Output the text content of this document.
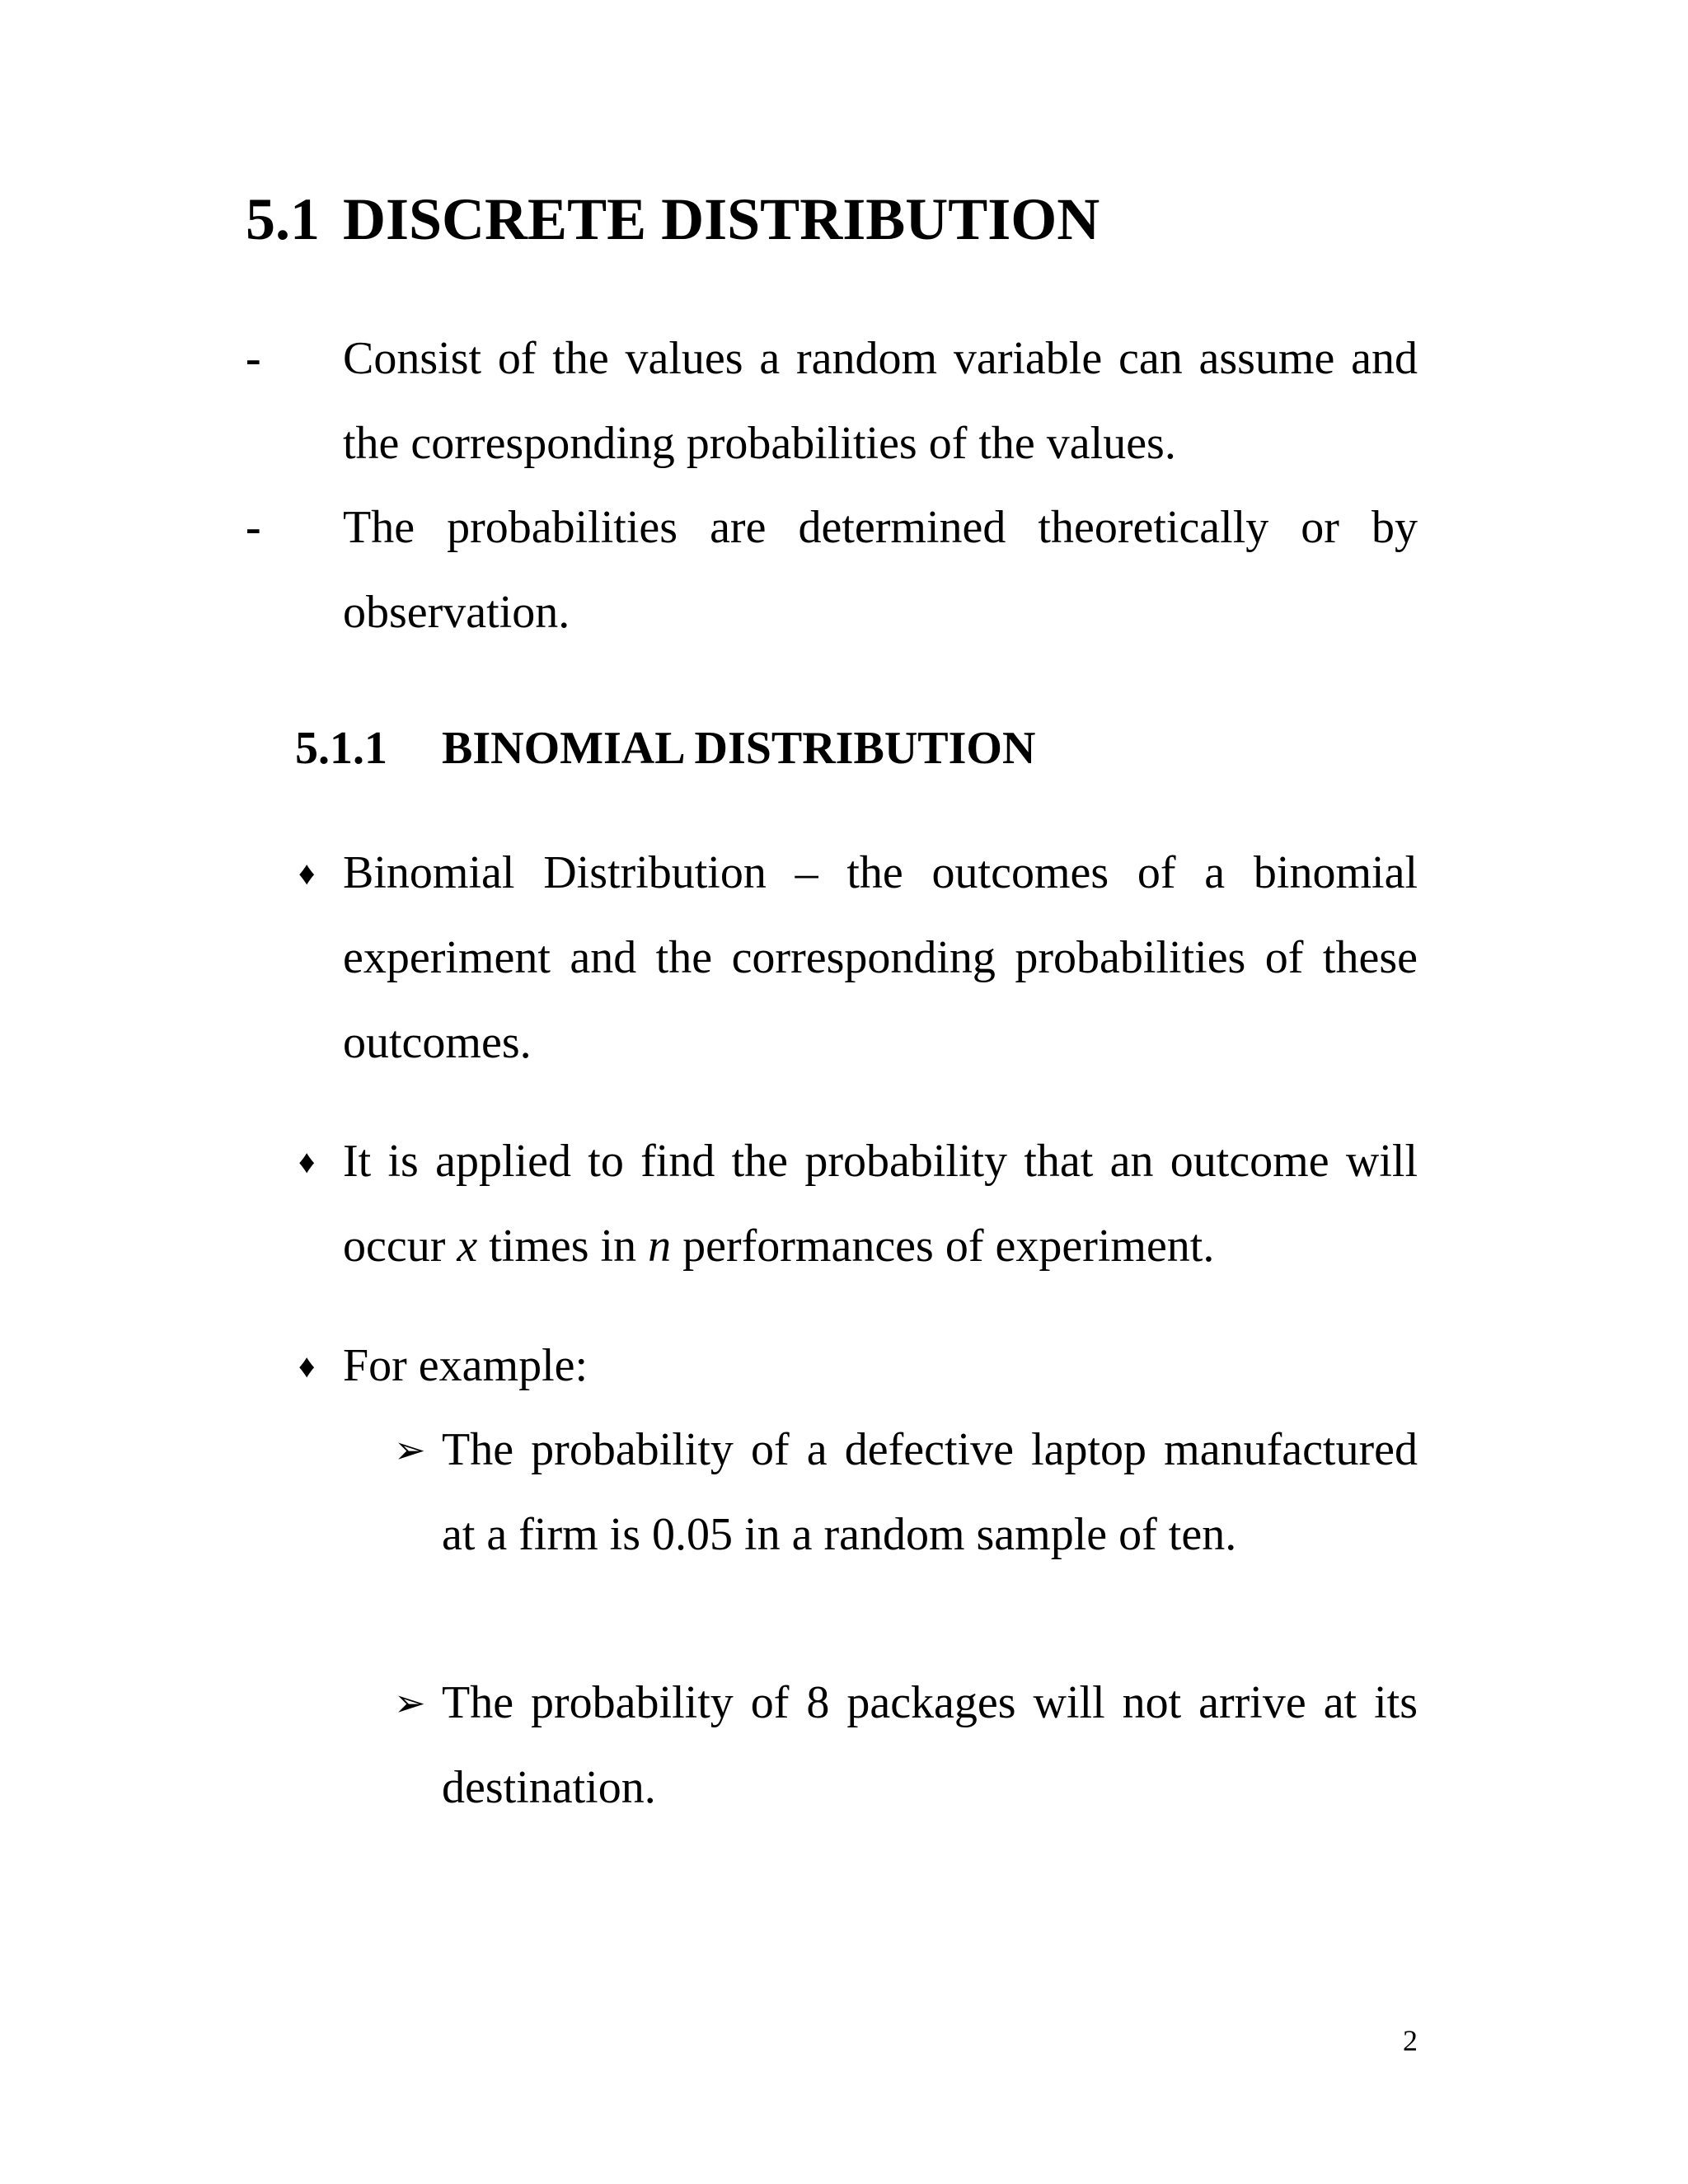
5.1 DISCRETE DISTRIBUTION
- Consist of the values a random variable can assume and the corresponding probabilities of the values.
- The probabilities are determined theoretically or by observation.
5.1.1 BINOMIAL DISTRIBUTION
♦ Binomial Distribution – the outcomes of a binomial experiment and the corresponding probabilities of these outcomes.
♦ It is applied to find the probability that an outcome will occur x times in n performances of experiment.
♦ For example:
➢ The probability of a defective laptop manufactured at a firm is 0.05 in a random sample of ten.
➢ The probability of 8 packages will not arrive at its destination.
2
